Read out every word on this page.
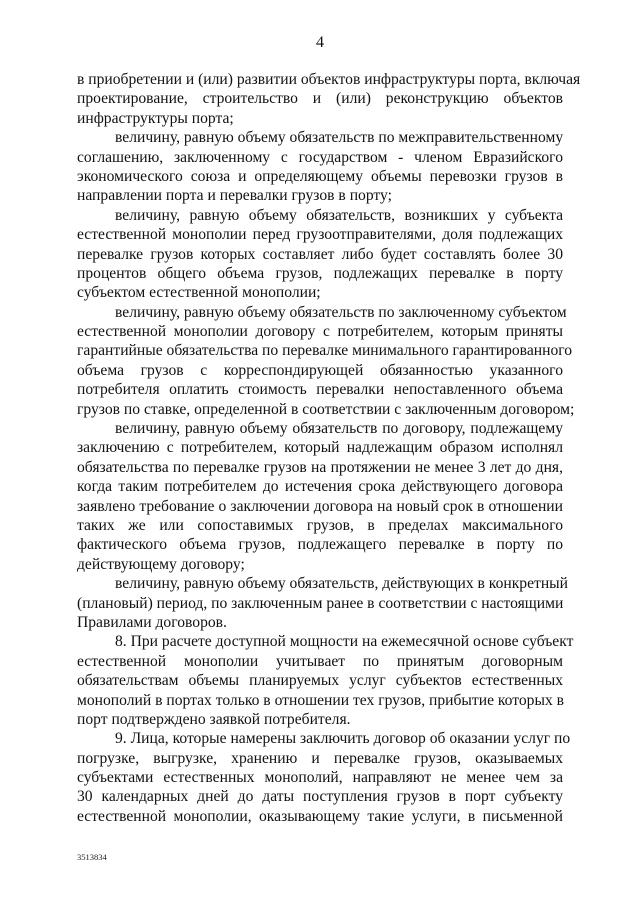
4
в приобретении и (или) развитии объектов инфраструктуры порта, включая
проектирование, строительство и (или) реконструкцию объектов
инфраструктуры порта;
величину, равную объему обязательств по межправительственному
соглашению, заключенному с государством - членом Евразийского
экономического союза и определяющему объемы перевозки грузов в
направлении порта и перевалки грузов в порту;
величину, равную объему обязательств, возникших у субъекта
естественной монополии перед грузоотправителями, доля подлежащих
перевалке грузов которых составляет либо будет составлять более 30
процентов общего объема грузов, подлежащих перевалке в порту
субъектом естественной монополии;
величину, равную объему обязательств по заключенному субъектом
естественной монополии договору с потребителем, которым приняты
гарантийные обязательства по перевалке минимального гарантированного
объема грузов с корреспондирующей обязанностью указанного
потребителя оплатить стоимость перевалки непоставленного объема
грузов по ставке, определенной в соответствии с заключенным договором;
величину, равную объему обязательств по договору, подлежащему
заключению с потребителем, который надлежащим образом исполнял
обязательства по перевалке грузов на протяжении не менее 3 лет до дня,
когда таким потребителем до истечения срока действующего договора
заявлено требование о заключении договора на новый срок в отношении
таких же или сопоставимых грузов, в пределах максимального
фактического объема грузов, подлежащего перевалке в порту по
действующему договору;
величину, равную объему обязательств, действующих в конкретный
(плановый) период, по заключенным ранее в соответствии с настоящими
Правилами договоров.
8. При расчете доступной мощности на ежемесячной основе субъект
естественной монополии учитывает по принятым договорным
обязательствам объемы планируемых услуг субъектов естественных
монополий в портах только в отношении тех грузов, прибытие которых в
порт подтверждено заявкой потребителя.
9. Лица, которые намерены заключить договор об оказании услуг по
погрузке, выгрузке, хранению и перевалке грузов, оказываемых
субъектами естественных монополий, направляют не менее чем за
30 календарных дней до даты поступления грузов в порт субъекту
естественной монополии, оказывающему такие услуги, в письменной
3513834
